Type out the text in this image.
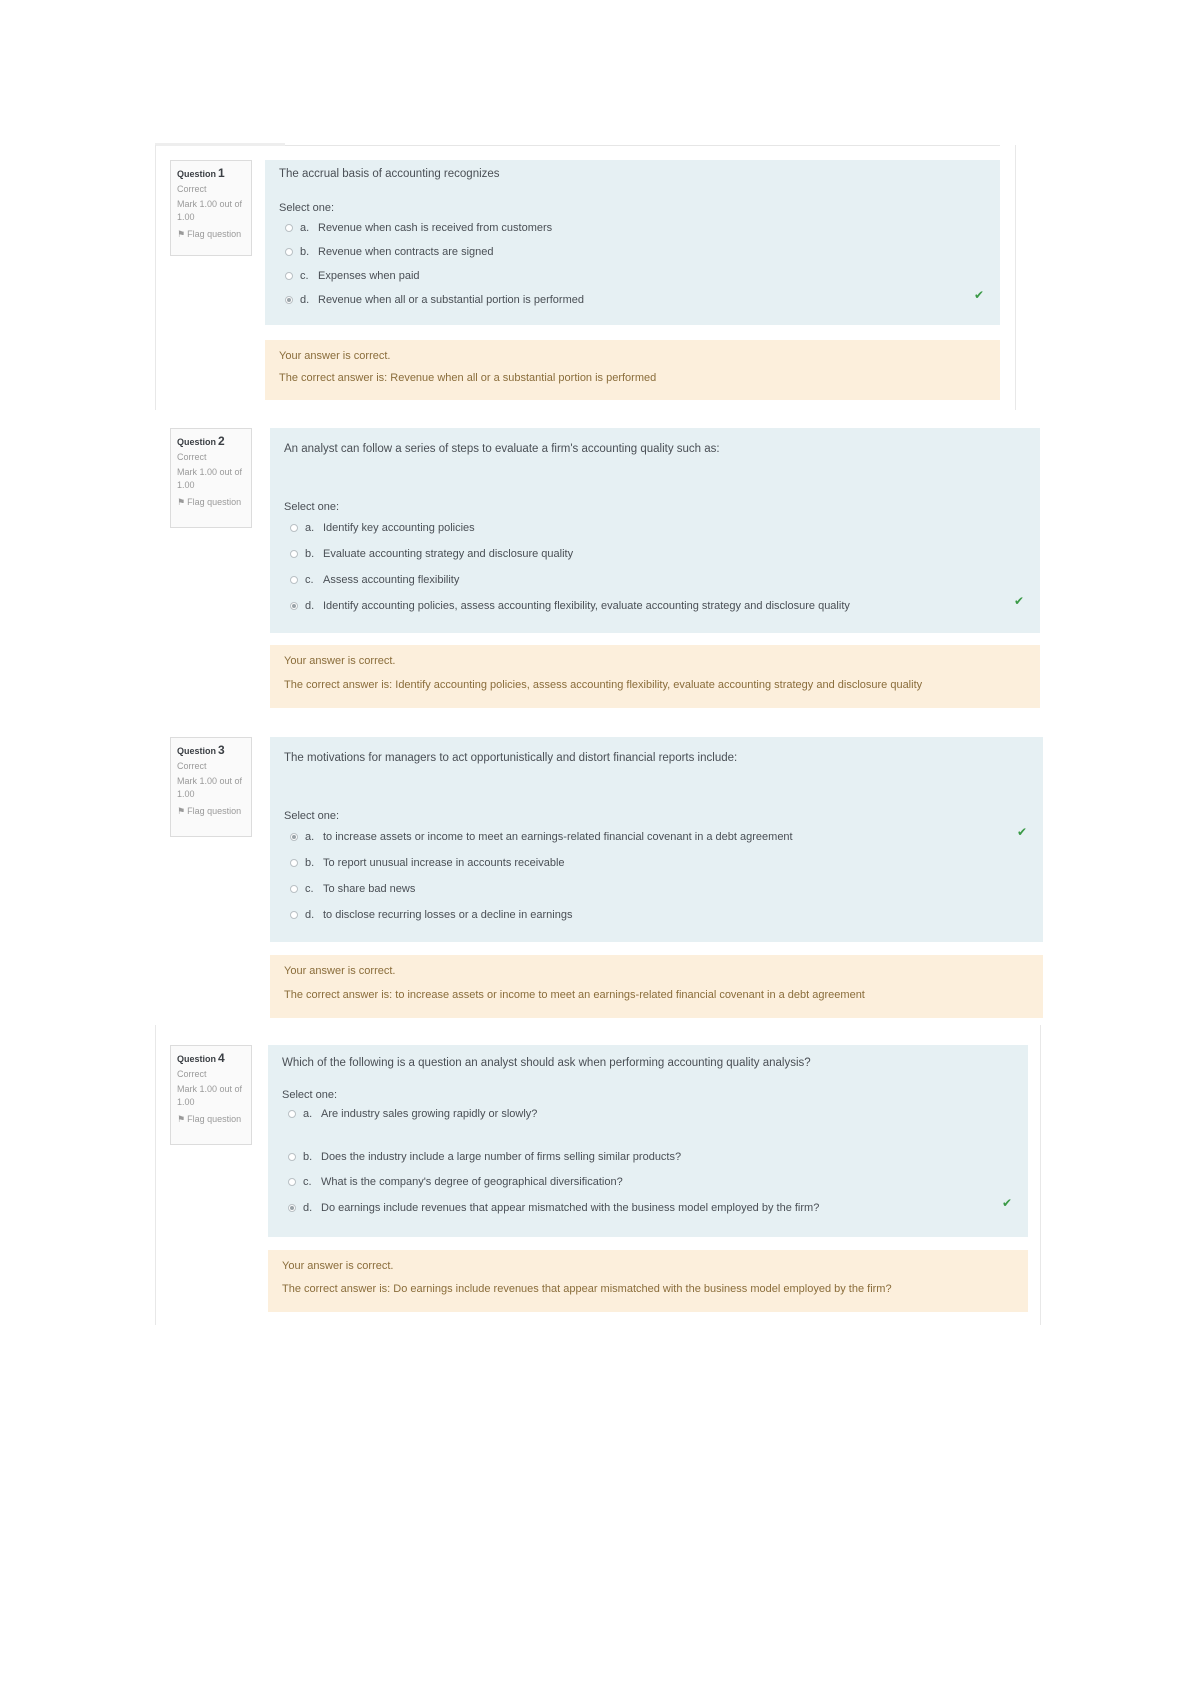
Question 1
Correct
Mark 1.00 out of 1.00
⚑ Flag question
The accrual basis of accounting recognizes
Select one:
a. Revenue when cash is received from customers
b. Revenue when contracts are signed
c. Expenses when paid
d. Revenue when all or a substantial portion is performed	✔
Your answer is correct.
The correct answer is: Revenue when all or a substantial portion is performed
Question 2
Correct
Mark 1.00 out of 1.00
⚑ Flag question
An analyst can follow a series of steps to evaluate a firm's accounting quality such as:
Select one:
a. Identify key accounting policies
b. Evaluate accounting strategy and disclosure quality
c. Assess accounting flexibility
d. Identify accounting policies, assess accounting flexibility, evaluate accounting strategy and disclosure quality	✔
Your answer is correct.
The correct answer is: Identify accounting policies, assess accounting flexibility, evaluate accounting strategy and disclosure quality
Question 3
Correct
Mark 1.00 out of 1.00
⚑ Flag question
The motivations for managers to act opportunistically and distort financial reports include:
Select one:
a. to increase assets or income to meet an earnings-related financial covenant in a debt agreement
b. To report unusual increase in accounts receivable
c. To share bad news
d. to disclose recurring losses or a decline in earnings
✔
Your answer is correct.
The correct answer is: to increase assets or income to meet an earnings-related financial covenant in a debt agreement
Question 4
Correct
Mark 1.00 out of 1.00
⚑ Flag question
Which of the following is a question an analyst should ask when performing accounting quality analysis?
Select one:
a. Are industry sales growing rapidly or slowly?
b. Does the industry include a large number of firms selling similar products?
c. What is the company's degree of geographical diversification?
d. Do earnings include revenues that appear mismatched with the business model employed by the firm?	✔
Your answer is correct.
The correct answer is: Do earnings include revenues that appear mismatched with the business model employed by the firm?
